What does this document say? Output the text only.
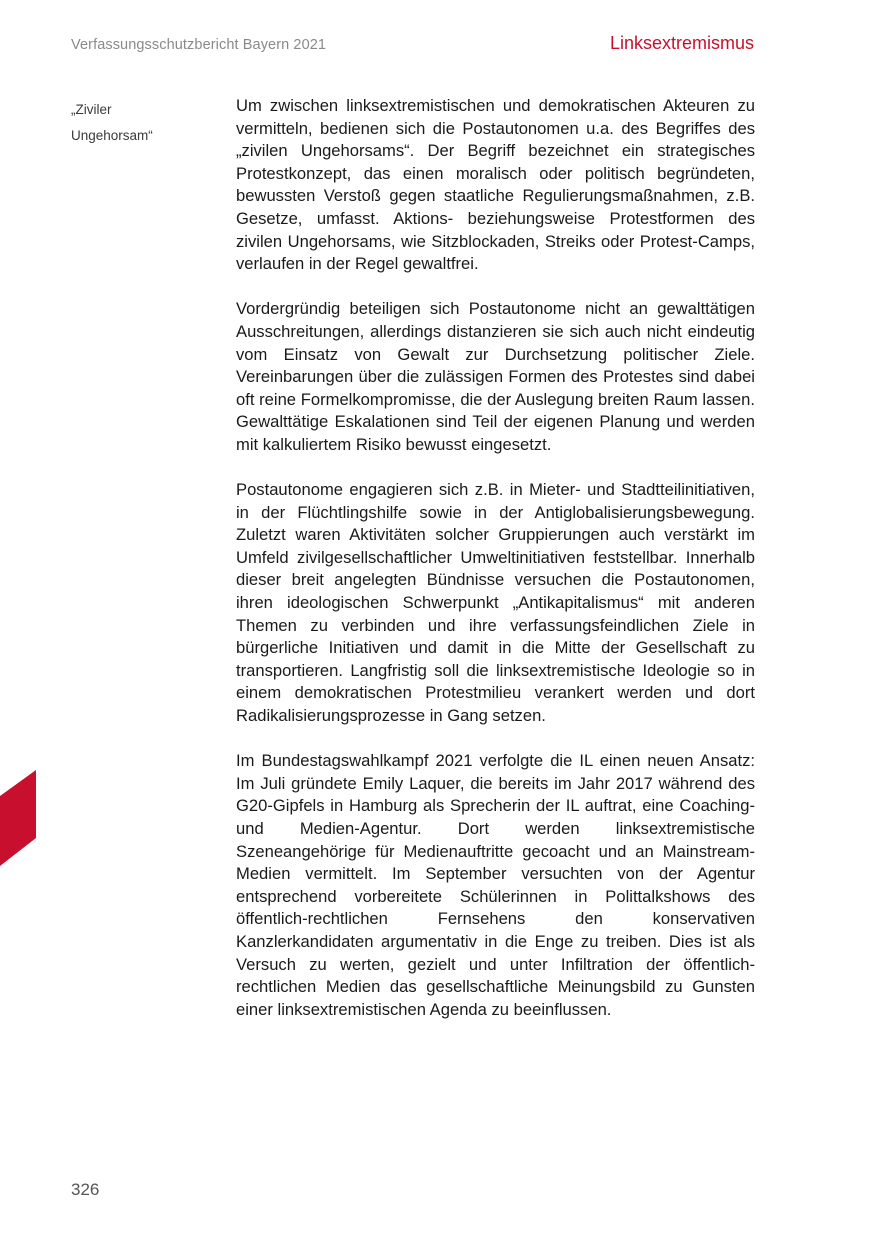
Verfassungsschutzbericht Bayern 2021	Linksextremismus
„Ziviler
Ungehorsam“

Um zwischen linksextremistischen und demokratischen Akteuren zu vermitteln, bedienen sich die Postautonomen u.a. des Begriffes des „zivilen Ungehorsams“. Der Begriff bezeichnet ein strategisches Protestkonzept, das einen moralisch oder politisch begründeten, bewussten Verstoß gegen staatliche Regulierungsmaßnahmen, z.B. Gesetze, umfasst. Aktions- beziehungsweise Protestformen des zivilen Ungehorsams, wie Sitzblockaden, Streiks oder Protest-Camps, verlaufen in der Regel gewaltfrei.

Vordergründig beteiligen sich Postautonome nicht an gewalttätigen Ausschreitungen, allerdings distanzieren sie sich auch nicht eindeutig vom Einsatz von Gewalt zur Durchsetzung politischer Ziele. Vereinbarungen über die zulässigen Formen des Protestes sind dabei oft reine Formelkompromisse, die der Auslegung breiten Raum lassen. Gewalttätige Eskalationen sind Teil der eigenen Planung und werden mit kalkuliertem Risiko bewusst eingesetzt.

Postautonome engagieren sich z.B. in Mieter- und Stadtteilinitiativen, in der Flüchtlingshilfe sowie in der Antiglobalisierungsbewegung. Zuletzt waren Aktivitäten solcher Gruppierungen auch verstärkt im Umfeld zivilgesellschaftlicher Umweltinitiativen feststellbar. Innerhalb dieser breit angelegten Bündnisse versuchen die Postautonomen, ihren ideologischen Schwerpunkt „Antikapitalismus“ mit anderen Themen zu verbinden und ihre verfassungsfeindlichen Ziele in bürgerliche Initiativen und damit in die Mitte der Gesellschaft zu transportieren. Langfristig soll die linksextremistische Ideologie so in einem demokratischen Protestmilieu verankert werden und dort Radikalisierungsprozesse in Gang setzen.

Im Bundestagswahlkampf 2021 verfolgte die IL einen neuen Ansatz: Im Juli gründete Emily Laquer, die bereits im Jahr 2017 während des G20-Gipfels in Hamburg als Sprecherin der IL auftrat, eine Coaching- und Medien-Agentur. Dort werden linksextremistische Szeneangehörige für Medienauftritte gecoacht und an Mainstream-Medien vermittelt. Im September versuchten von der Agentur entsprechend vorbereitete Schülerinnen in Polittalkshows des öffentlich-rechtlichen Fernsehens den konservativen Kanzlerkandidaten argumentativ in die Enge zu treiben. Dies ist als Versuch zu werten, gezielt und unter Infiltration der öffentlich-rechtlichen Medien das gesellschaftliche Meinungsbild zu Gunsten einer linksextremistischen Agenda zu beeinflussen.

326
